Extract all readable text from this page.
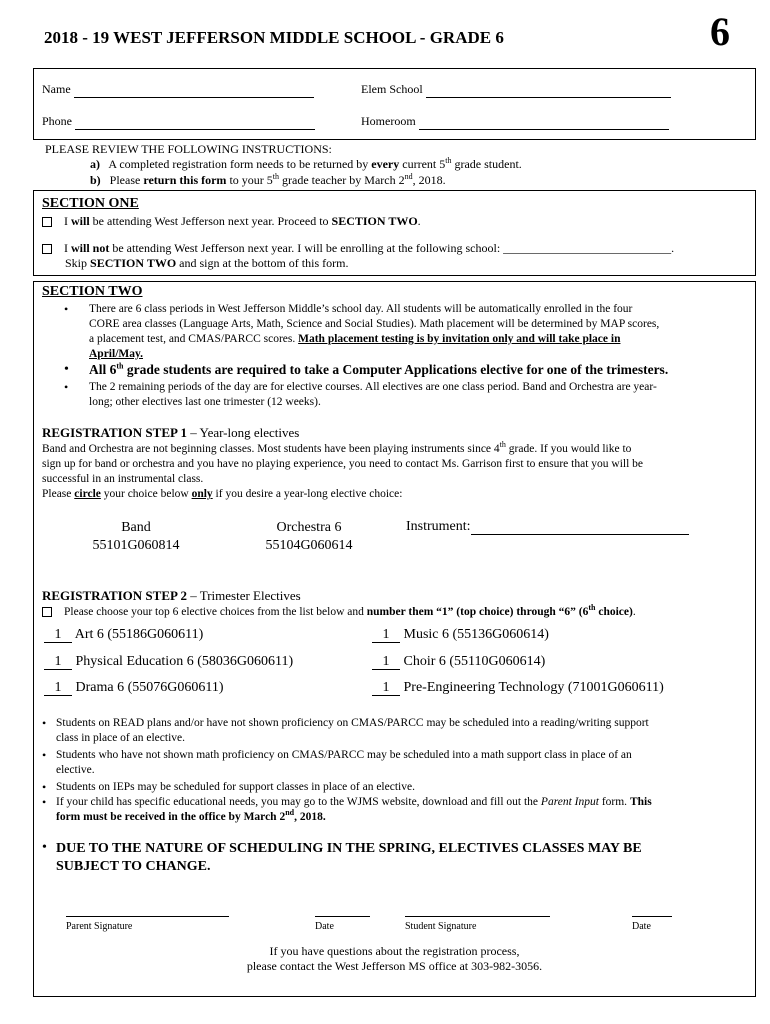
2018 - 19 WEST JEFFERSON MIDDLE SCHOOL - GRADE 6	6
Name	Elem School
Phone	Homeroom
PLEASE REVIEW THE FOLLOWING INSTRUCTIONS:
a) A completed registration form needs to be returned by every current 5th grade student.
b) Please return this form to your 5th grade teacher by March 2nd, 2018.
SECTION ONE
I will be attending West Jefferson next year. Proceed to SECTION TWO.
I will not be attending West Jefferson next year. I will be enrolling at the following school: ____________________________.
Skip SECTION TWO and sign at the bottom of this form.
SECTION TWO
• There are 6 class periods in West Jefferson Middle’s school day. All students will be automatically enrolled in the four
CORE area classes (Language Arts, Math, Science and Social Studies). Math placement will be determined by MAP scores,
a placement test, and CMAS/PARCC scores. Math placement testing is by invitation only and will take place in
April/May.
• All 6th grade students are required to take a Computer Applications elective for one of the trimesters.
• The 2 remaining periods of the day are for elective courses. All electives are one class period. Band and Orchestra are year-
long; other electives last one trimester (12 weeks).
REGISTRATION STEP 1 – Year-long electives
Band and Orchestra are not beginning classes. Most students have been playing instruments since 4th grade. If you would like to
sign up for band or orchestra and you have no playing experience, you need to contact Ms. Garrison first to ensure that you will be
successful in an instrumental class.
Please circle your choice below only if you desire a year-long elective choice:
Band
55101G060814
Orchestra 6
55104G060614
Instrument:
REGISTRATION STEP 2 – Trimester Electives
Please choose your top 6 elective choices from the list below and number them “1” (top choice) through “6” (6th choice).
1 Art 6 (55186G060611)	1 Music 6 (55136G060614)
1 Physical Education 6 (58036G060611)	1 Choir 6 (55110G060614)
1 Drama 6 (55076G060611)	1 Pre-Engineering Technology (71001G060611)
• Students on READ plans and/or have not shown proficiency on CMAS/PARCC may be scheduled into a reading/writing support
class in place of an elective.
• Students who have not shown math proficiency on CMAS/PARCC may be scheduled into a math support class in place of an
elective.
• Students on IEPs may be scheduled for support classes in place of an elective.
• If your child has specific educational needs, you may go to the WJMS website, download and fill out the Parent Input form. This
form must be received in the office by March 2nd, 2018.
• DUE TO THE NATURE OF SCHEDULING IN THE SPRING, ELECTIVES CLASSES MAY BE
SUBJECT TO CHANGE.
Parent Signature	Date	Student Signature	Date
If you have questions about the registration process,
please contact the West Jefferson MS office at 303-982-3056.
